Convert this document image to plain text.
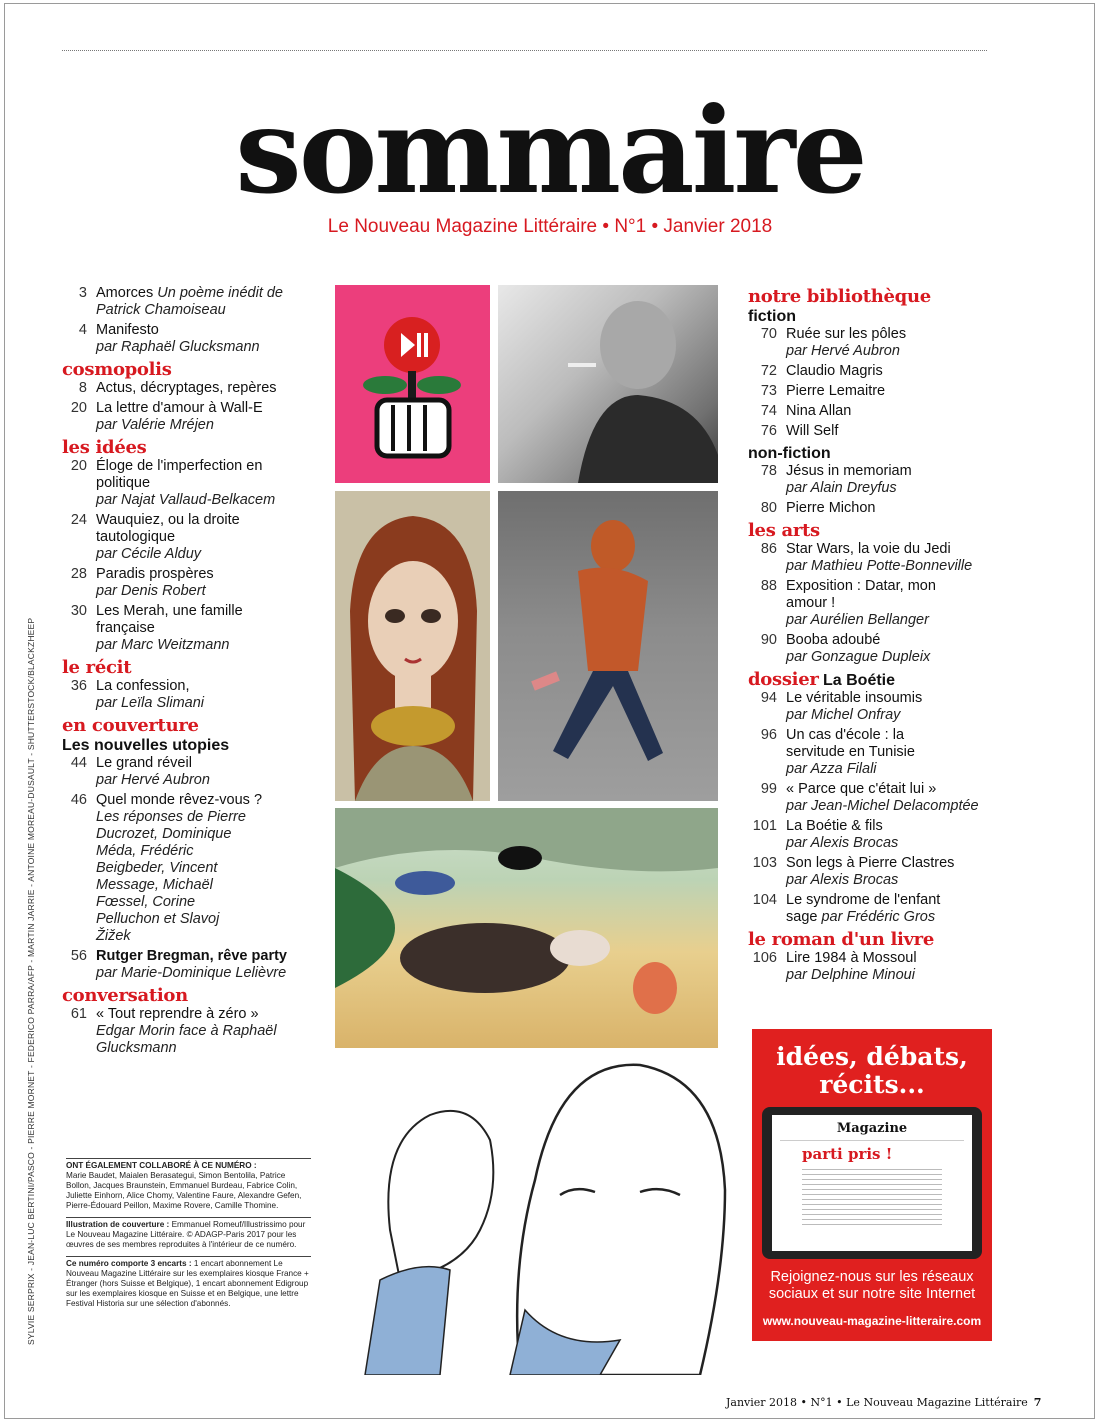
sommaire
Le Nouveau Magazine Littéraire • N°1 • Janvier 2018
3 Amorces Un poème inédit de Patrick Chamoiseau
4 Manifesto
par Raphaël Glucksmann
cosmopolis
8 Actus, décryptages, repères
20 La lettre d'amour à Wall-E
par Valérie Mréjen
les idées
20 Éloge de l'imperfection en politique
par Najat Vallaud-Belkacem
24 Wauquiez, ou la droite tautologique
par Cécile Alduy
28 Paradis prospères
par Denis Robert
30 Les Merah, une famille française
par Marc Weitzmann
le récit
36 La confession,
par Leïla Slimani
en couverture
Les nouvelles utopies
44 Le grand réveil
par Hervé Aubron
46 Quel monde rêvez-vous ?
Les réponses de Pierre Ducrozet, Dominique Méda, Frédéric Beigbeder, Vincent Message, Michaël Fœssel, Corine Pelluchon et Slavoj Žižek
56 Rutger Bregman, rêve party
par Marie-Dominique Lelièvre
conversation
61 « Tout reprendre à zéro » Edgar Morin face à Raphaël Glucksmann
ONT ÉGALEMENT COLLABORÉ À CE NUMÉRO :
Marie Baudet, Maialen Berasategui, Simon Bentolila, Patrice Bollon, Jacques Braunstein, Emmanuel Burdeau, Fabrice Colin, Juliette Einhorn, Alice Chomy, Valentine Faure, Alexandre Gefen, Pierre-Édouard Peillon, Maxime Rovere, Camille Thomine.
Illustration de couverture : Emmanuel Romeuf/Illustrissimo pour Le Nouveau Magazine Littéraire. © ADAGP-Paris 2017 pour les œuvres de ses membres reproduites à l'intérieur de ce numéro.
Ce numéro comporte 3 encarts : 1 encart abonnement Le Nouveau Magazine Littéraire sur les exemplaires kiosque France + Étranger (hors Suisse et Belgique), 1 encart abonnement Edigroup sur les exemplaires kiosque en Suisse et en Belgique, une lettre Festival Historia sur une sélection d'abonnés.
SYLVIE SERPRIX - JEAN-LUC BERTINI/PASCO - PIERRE MORNET - FEDERICO PARRA/AFP - MARTIN JARRIE - ANTOINE MOREAU-DUSAULT - SHUTTERSTOCK/BLACKZHEEP
notre bibliothèque
fiction
70 Ruée sur les pôles
par Hervé Aubron
72 Claudio Magris
73 Pierre Lemaitre
74 Nina Allan
76 Will Self
non-fiction
78 Jésus in memoriam
par Alain Dreyfus
80 Pierre Michon
les arts
86 Star Wars, la voie du Jedi
par Mathieu Potte-Bonneville
88 Exposition : Datar, mon amour !
par Aurélien Bellanger
90 Booba adoubé
par Gonzague Dupleix
dossier La Boétie
94 Le véritable insoumis
par Michel Onfray
96 Un cas d'école : la servitude en Tunisie
par Azza Filali
99 « Parce que c'était lui »
par Jean-Michel Delacomptée
101 La Boétie & fils
par Alexis Brocas
103 Son legs à Pierre Clastres
par Alexis Brocas
104 Le syndrome de l'enfant sage par Frédéric Gros
le roman d'un livre
106 Lire 1984 à Mossoul
par Delphine Minoui
idées, débats, récits...
Magazine
parti pris !
Rejoignez-nous sur les réseaux sociaux et sur notre site Internet
www.nouveau-magazine-litteraire.com
Janvier 2018 • N°1 • Le Nouveau Magazine Littéraire 7
